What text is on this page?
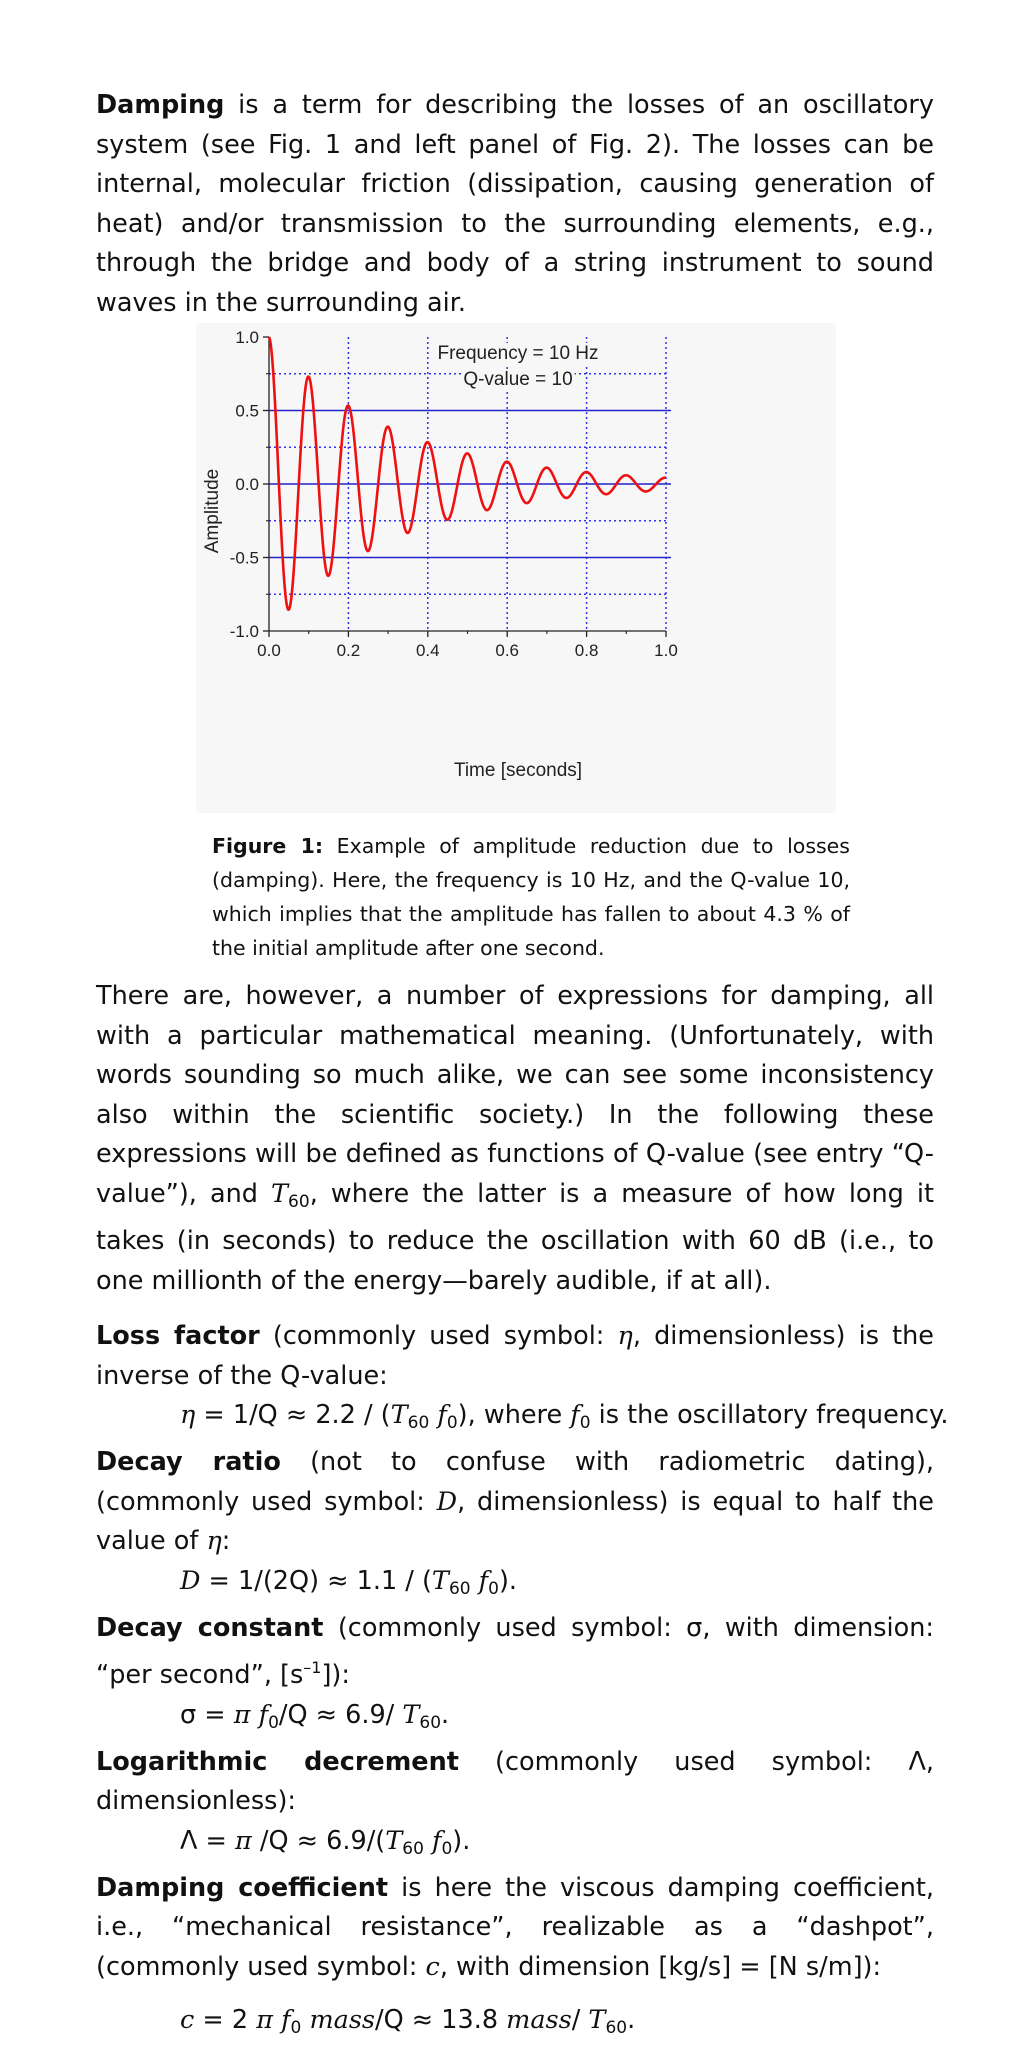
Damping is a term for describing the losses of an oscillatory system (see Fig. 1 and left panel of Fig. 2). The losses can be internal, molecular friction (dissipation, causing generation of heat) and/or transmission to the surrounding elements, e.g., through the bridge and body of a string instrument to sound waves in the surrounding air.

1.0
0.5
0.0
-0.5
-1.0
0.0	0.2	0.4	0.6	0.8	1.0
Frequency = 10 Hz
Q-value = 10
Time [seconds]
Amplitude

Figure 1: Example of amplitude reduction due to losses (damping). Here, the frequency is 10 Hz, and the Q-value 10, which implies that the amplitude has fallen to about 4.3 % of the initial amplitude after one second.

There are, however, a number of expressions for damping, all with a particular mathematical meaning. (Unfortunately, with words sounding so much alike, we can see some inconsistency also within the scientific society.) In the following these expressions will be defined as functions of Q-value (see entry “Q-value”), and $T_{60}$, where the latter is a measure of how long it takes (in seconds) to reduce the oscillation with 60 dB (i.e., to one millionth of the energy—barely audible, if at all).

Loss factor (commonly used symbol: η, dimensionless) is the inverse of the Q-value:

$\eta = 1/Q \approx 2.2 / (T_{60}$ $f_0$), where $f_0$ is the oscillatory frequency.

Decay ratio (not to confuse with radiometric dating), (commonly used symbol: D, dimensionless) is equal to half the value of η:

$D = 1/(2Q) \approx 1.1 / (T_{60}$ $f_0$).

Decay constant (commonly used symbol: σ, with dimension: “per second”, $[s^{-1}]$):

σ = π $f_0/Q \approx 6.9/$ $T_{60}$.

Logarithmic decrement (commonly used symbol: Λ, dimensionless):

Λ = π $/Q \approx 6.9/(T_{60}$ $f_0$).

Damping coefficient is here the viscous damping coefficient, i.e., “mechanical resistance”, realizable as a “dashpot”, (commonly used symbol: c, with dimension [kg/s] = [N s/m]):

c = 2 π $f_0$ mass/Q ≈ 13.8 mass/ $T_{60}$.
